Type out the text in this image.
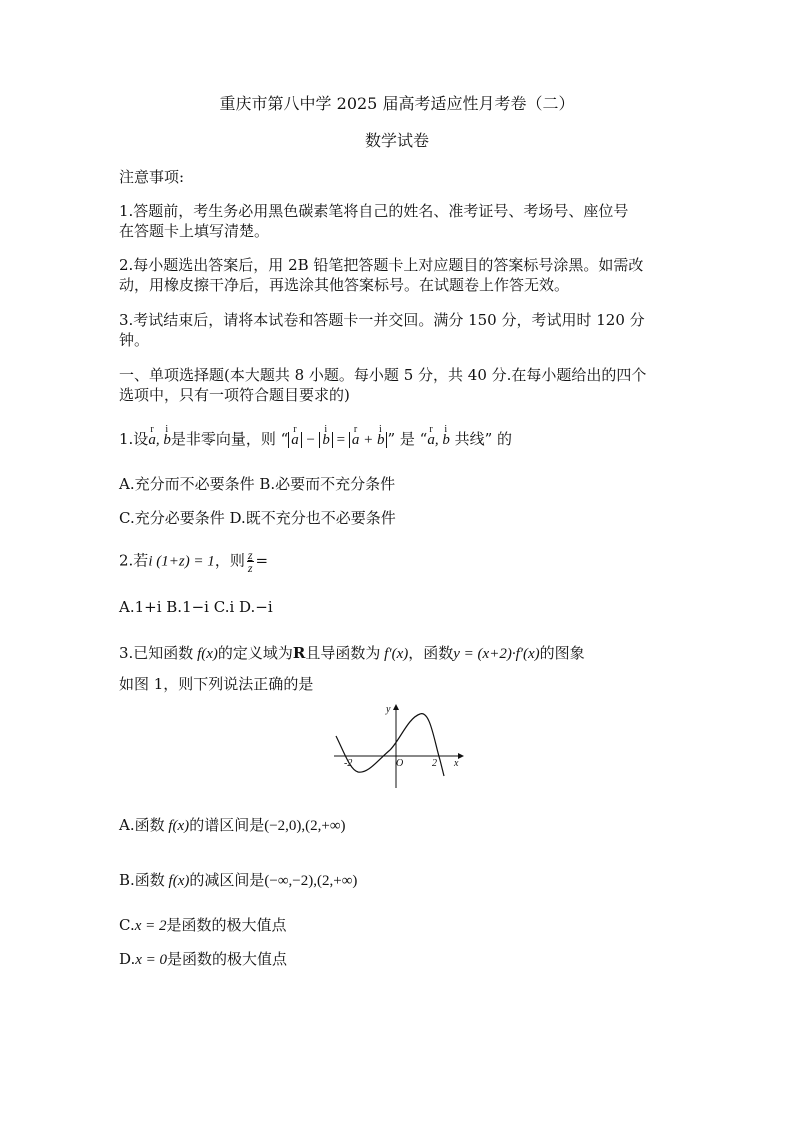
重庆市第八中学 2025 届高考适应性月考卷（二）
数学试卷
注意事项:
1.答题前，考生务必用黑色碳素笔将自己的姓名、准考证号、考场号、座位号
在答题卡上填写清楚。
2.每小题选出答案后，用 2B 铅笔把答题卡上对应题目的答案标号涂黑。如需改
动，用橡皮擦干净后，再选涂其他答案标号。在试题卷上作答无效。
3.考试结束后，请将本试卷和答题卡一并交回。满分 150 分，考试用时 120 分
钟。
一、单项选择题(本大题共 8 小题。每小题 5 分，共 40 分.在每小题给出的四个
选项中，只有一项符合题目要求的)
1.设a
r
, b
i
是非零向量，则 “ a
r
− b
i
= a
r
+ b
i
” 是 “a
r
, b
i
共线” 的
A.充分而不必要条件 B.必要而不充分条件
C.充分必要条件 D.既不充分也不必要条件
2.若i (1+z) = 1，则 $\frac{z}{z}$ =
A.1+i B.1−i C.i D.−i
3.已知函数 f(x)的定义域为R且导函数为 f′(x)，函数y = (x+2)·f′(x)的图象
如图 1，则下列说法正确的是
y
x
O
-2	2
A.函数 f(x)的谱区间是(−2,0),(2,+∞)
B.函数 f(x)的减区间是(−∞,−2),(2,+∞)
C.x = 2是函数的极大值点
D.x = 0是函数的极大值点
